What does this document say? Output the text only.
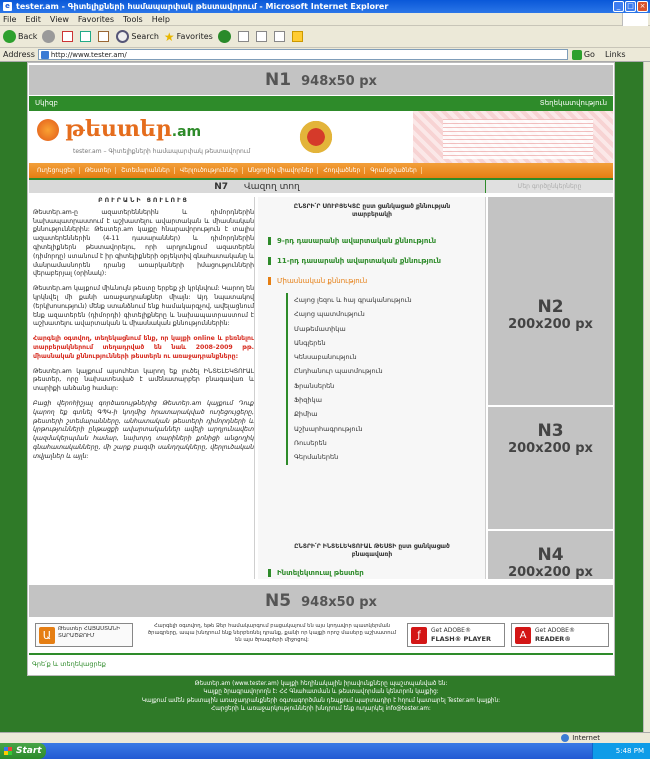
e tester.am - Գիտելիքների համապարփակ թեստավորում - Microsoft Internet Explorer	_ □ ×
File Edit View Favorites Tools Help
Back	Search ★ Favorites
Address	http://www.tester.am/	Go Links
N1 948x50 px
Սկիզբ	Տեղեկատվություն
թեստեր.am
tester.am – Գիտելիքների համապարփակ թեստավորում
Ուղեցույցեր	Թեստեր	Շտեմարաններ	Վերլուծություններ	Անցողիկ միավորներ	Հոդվածներ	Գրանցվածներ
N7 Վազող տող	Մեր գործընկերները
ԲՈՒՐԱՆԻ ՑՈՒԼՈՒՑ

Թեստեր.am-ը ազատերեններին և դիմորդներին նախապատրաստում է աշխատելու ավարտական և միասնական քննություններին: Թեստեր.am կայքը հնարավորություն է տալիս ազատերեններին (4-11 դասարաններ) և դիմորդներին գիտելիքներն թեստավորելու, որի արդյունքում ազատերեն (դիմորդը) ստանում է իր գիտելիքների օբյեկտիվ գնահատականը և մանրամասնորեն դրանց առարկաների իմացությունների վերաբերյալ (օրինակ):

Թեստեր.am կայքում միևնույն թեստը երբեք չի կրկնվում: Կարող են կրկնվել մի քանի առաջադրանքներ միայն: Այդ նպատակով (երկխոսություն) մենք ստանձնում ենք համակարգչով, ավելացնում ենք ազատերեն (դիմորդի) գիտելիքները և նախապատրաստում է աշխատելու ավարտական և միասնական քննություններին:

Հարգելի օգտվող, տեղեկացնում ենք, որ կայքի online և բեռնելու տարբերակներում տեղադրված են նաև 2008-2009 թթ. միասնական քննությունների թեստերն ու առաջադրանքները:

Թեստեր.am կայքում այսուհետ կարող եք լուծել ԻՆՏԵԼԵԿՏՈՒԱԼ թեստեր, որը նախատեսված է ամենատարբեր բնագավառ և տարիքի անձանց համար:

Բացի վերոհիշյալ գործառույթներից Թեստեր.am կայքում Դուք կարող եք գտնել ԳՊԿ-ի կողմից հրատարակված ուղեցույցերը, թեստերի շտեմարանները, անհատական թեստերի դիմորդների և կրթությունների ընթացքի ավարտականներ ավելի արդյունավետ կազմակերպման համար, նախորդ տարիների քոնիցի անցողիկ գնահատականները, մի շարք բազմի սանդղակները, վերլուծական տվյալներ և այլն:

ԸՆՏՐԻ՛Ր ՍՈՒԲՅԵԿՏԸ ըստ ցանկացած քննության տարբերակի
9-րդ դասարանի ավարտական քննություն
11-րդ դասարանի ավարտական քննություն
Միասնական քննություն
Հայոց լեզու և հայ գրականություն
Հայոց պատմություն
Մաթեմատիկա
Անգլերեն
Կենսաբանություն
Ընդհանուր պատմություն
Ֆրանսերեն
Ֆիզիկա
Քիմիա
Աշխարհագրություն
Ռուսերեն
Գերմաներեն
ԸՆՏՐԻ՛Ր ԻՆՏԵԼԵԿՏՈՒԱԼ ԹԵՍՏԻ ըստ ցանկացած բնագավառի
Ինտելեկտուալ թեստեր
N2
200x200 px
N3
200x200 px
N4
200x200 px
N5 948x50 px
Ա	Թեստեր ՀԱՅԱՍՏԱՆԻ ՏԱՐԱԾՔՈՒՄ
Հարգելի օգտվող, եթե Ձեր համակարգում բացակայում են այս կոդավոր պատկերման ծրագրերը, ապա խնդրում ենք ներբեռնել դրանք, քանի որ կայքի որոշ մասերը աշխատում են այս ծրագրերի միջոցով:	ƒ	Get ADOBE®
FLASH® PLAYER	A	Get ADOBE®
READER®
Գրե՛ք և տեղեկացրեք
Թեստեր.am (www.tester.am) կայքի հեղինակային իրավունքները պաշտպանված են:
Կայքը ծրագրավորողն է: ՀՀ Գնահատման և թեստավորման կենտրոն կայքից:
Կայքում ամեն թեստային առաջադրանքների օգտագործման դեպքում պարտադիր է հղում կատարել Tester.am կայքին:
Հարցերի և առաջարկությունների խնդրում ենք ուղարկել info@tester.am:
Internet
Start	5:48 PM
